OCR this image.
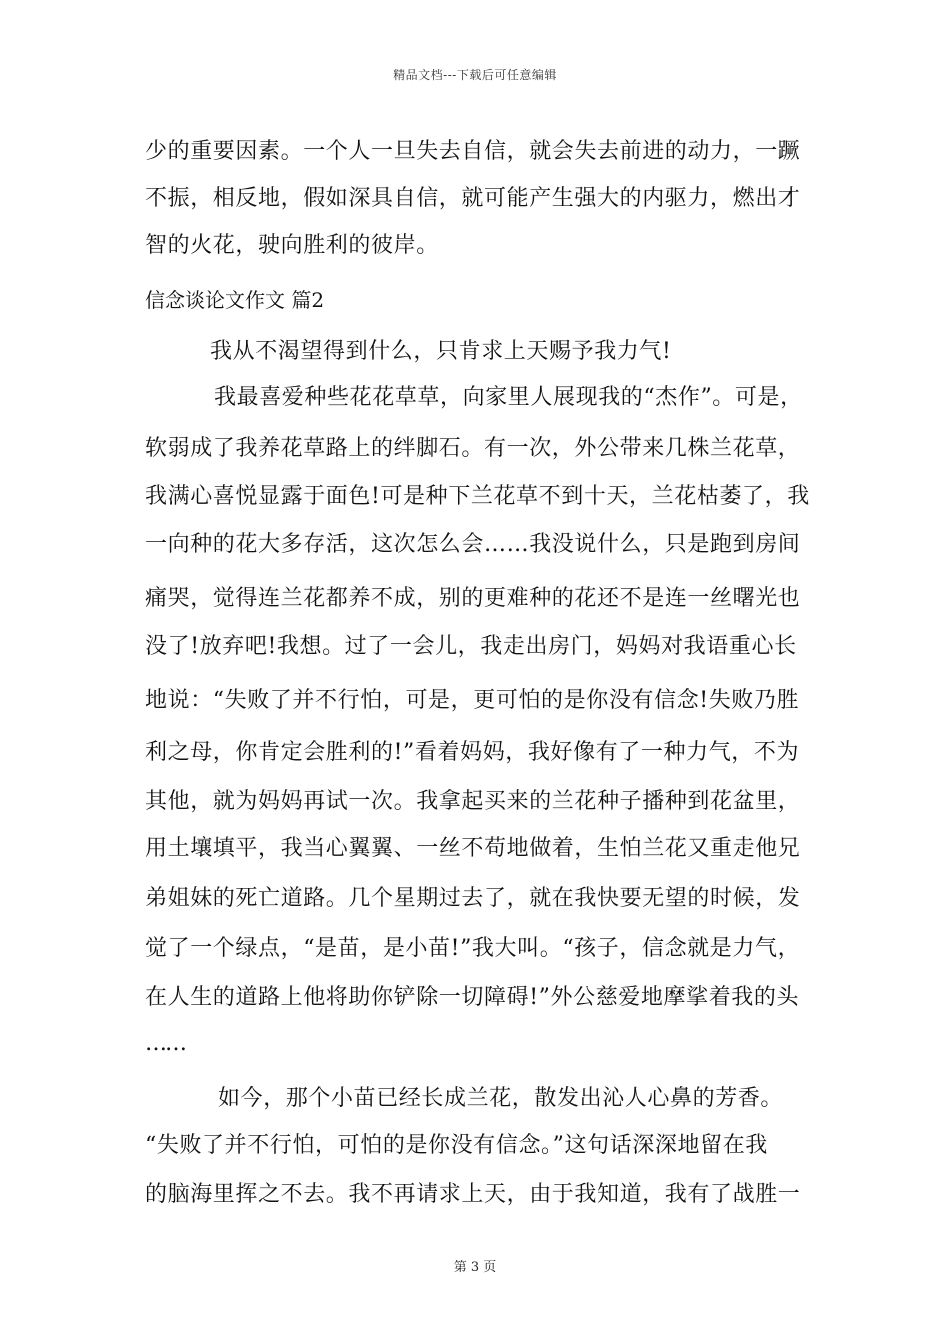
精品文档---下载后可任意编辑
少的重要因素。一个人一旦失去自信，就会失去前进的动力，一蹶
不振，相反地，假如深具自信，就可能产生强大的内驱力，燃出才
智的火花，驶向胜利的彼岸。
信念谈论文作文 篇2
我从不渴望得到什么，只肯求上天赐予我力气!
我最喜爱种些花花草草，向家里人展现我的“杰作”。可是，
软弱成了我养花草路上的绊脚石。有一次，外公带来几株兰花草，
我满心喜悦显露于面色!可是种下兰花草不到十天，兰花枯萎了，我
一向种的花大多存活，这次怎么会……我没说什么，只是跑到房间
痛哭，觉得连兰花都养不成，别的更难种的花还不是连一丝曙光也
没了!放弃吧!我想。过了一会儿，我走出房门，妈妈对我语重心长
地说：“失败了并不行怕，可是，更可怕的是你没有信念!失败乃胜
利之母，你肯定会胜利的!”看着妈妈，我好像有了一种力气，不为
其他，就为妈妈再试一次。我拿起买来的兰花种子播种到花盆里，
用土壤填平，我当心翼翼、一丝不苟地做着，生怕兰花又重走他兄
弟姐妹的死亡道路。几个星期过去了，就在我快要无望的时候，发
觉了一个绿点，“是苗，是小苗!”我大叫。“孩子，信念就是力气，
在人生的道路上他将助你铲除一切障碍!”外公慈爱地摩挲着我的头
……
如今，那个小苗已经长成兰花，散发出沁人心鼻的芳香。
“失败了并不行怕，可怕的是你没有信念。”这句话深深地留在我
的脑海里挥之不去。我不再请求上天，由于我知道，我有了战胜一
第 3 页
